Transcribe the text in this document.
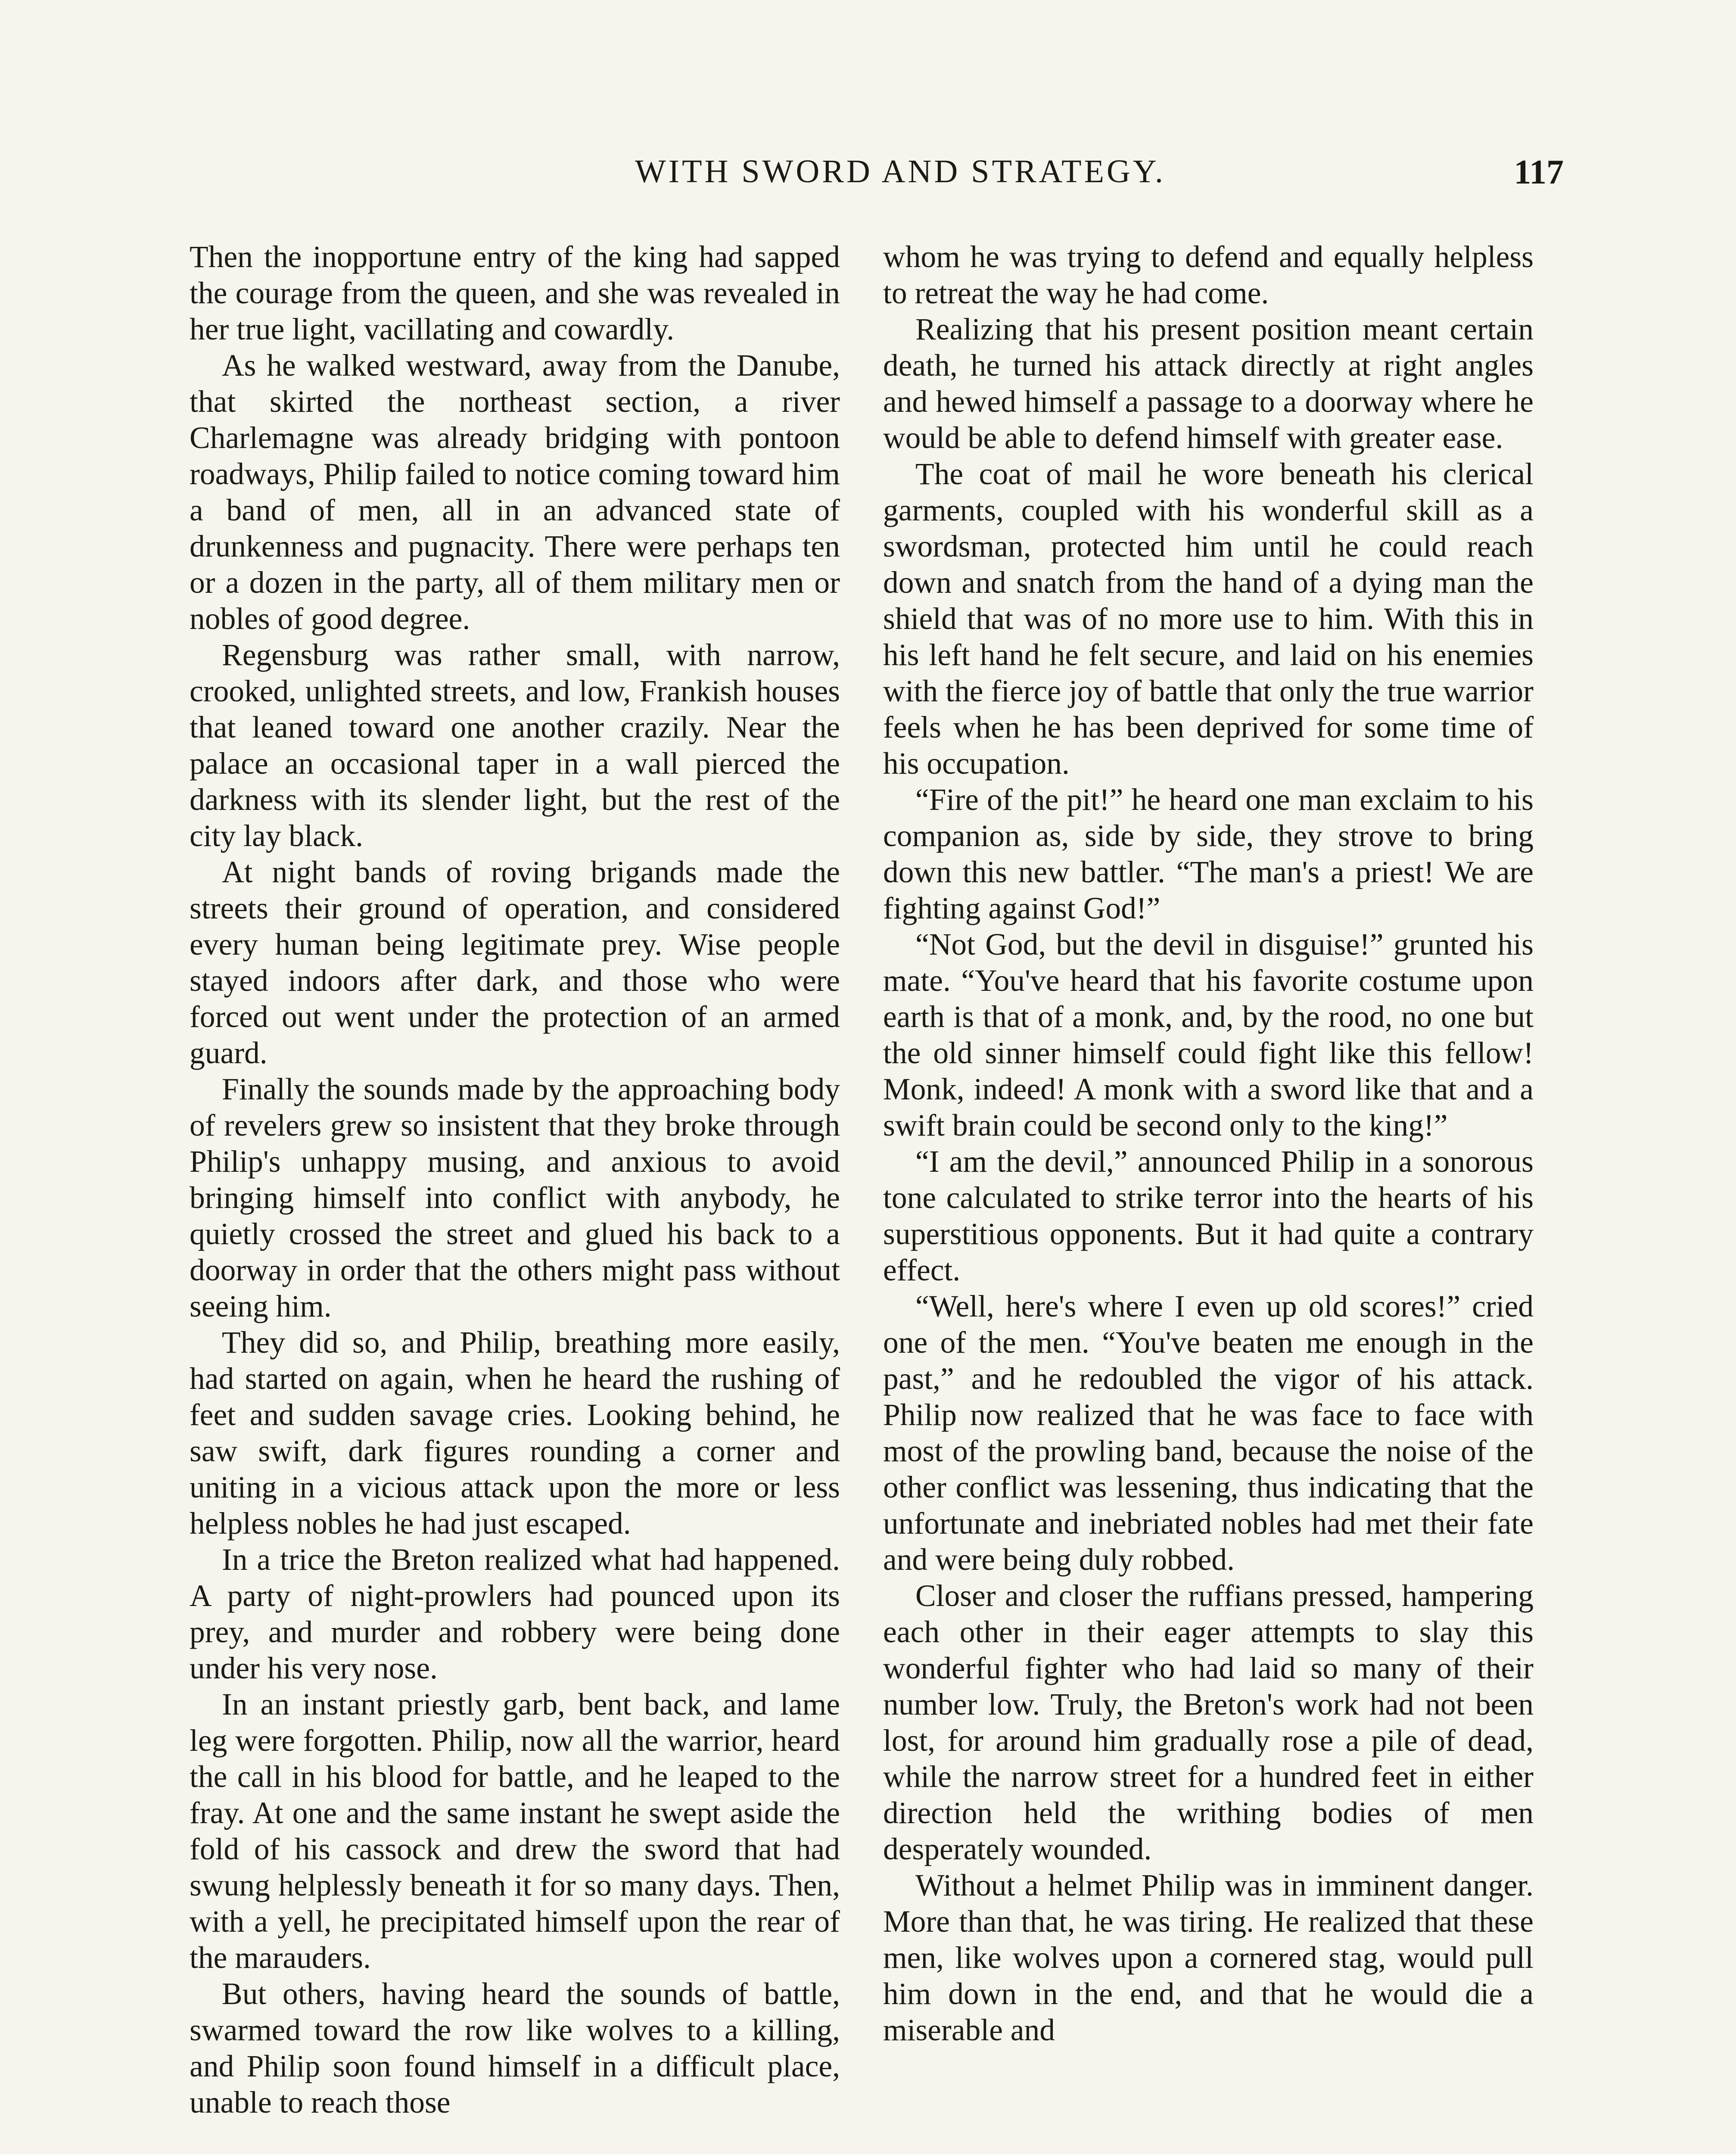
WITH SWORD AND STRATEGY.	117

Then the inopportune entry of the king had sapped the courage from the queen, and she was revealed in her true light, vacillating and cowardly.

As he walked westward, away from the Danube, that skirted the northeast section, a river Charlemagne was already bridging with pontoon roadways, Philip failed to notice coming toward him a band of men, all in an advanced state of drunkenness and pugnacity. There were perhaps ten or a dozen in the party, all of them military men or nobles of good degree.

Regensburg was rather small, with narrow, crooked, unlighted streets, and low, Frankish houses that leaned toward one another crazily. Near the palace an occasional taper in a wall pierced the darkness with its slender light, but the rest of the city lay black.

At night bands of roving brigands made the streets their ground of operation, and considered every human being legitimate prey. Wise people stayed indoors after dark, and those who were forced out went under the protection of an armed guard.

Finally the sounds made by the approaching body of revelers grew so insistent that they broke through Philip's unhappy musing, and anxious to avoid bringing himself into conflict with anybody, he quietly crossed the street and glued his back to a doorway in order that the others might pass without seeing him.

They did so, and Philip, breathing more easily, had started on again, when he heard the rushing of feet and sudden savage cries. Looking behind, he saw swift, dark figures rounding a corner and uniting in a vicious attack upon the more or less helpless nobles he had just escaped.

In a trice the Breton realized what had happened. A party of night-prowlers had pounced upon its prey, and murder and robbery were being done under his very nose.

In an instant priestly garb, bent back, and lame leg were forgotten. Philip, now all the warrior, heard the call in his blood for battle, and he leaped to the fray. At one and the same instant he swept aside the fold of his cassock and drew the sword that had swung helplessly beneath it for so many days. Then, with a yell, he precipitated himself upon the rear of the marauders.

But others, having heard the sounds of battle, swarmed toward the row like wolves to a killing, and Philip soon found himself in a difficult place, unable to reach those

whom he was trying to defend and equally helpless to retreat the way he had come.

Realizing that his present position meant certain death, he turned his attack directly at right angles and hewed himself a passage to a doorway where he would be able to defend himself with greater ease.

The coat of mail he wore beneath his clerical garments, coupled with his wonderful skill as a swordsman, protected him until he could reach down and snatch from the hand of a dying man the shield that was of no more use to him. With this in his left hand he felt secure, and laid on his enemies with the fierce joy of battle that only the true warrior feels when he has been deprived for some time of his occupation.

“Fire of the pit!” he heard one man exclaim to his companion as, side by side, they strove to bring down this new battler. “The man's a priest! We are fighting against God!”

“Not God, but the devil in disguise!” grunted his mate. “You've heard that his favorite costume upon earth is that of a monk, and, by the rood, no one but the old sinner himself could fight like this fellow! Monk, indeed! A monk with a sword like that and a swift brain could be second only to the king!”

“I am the devil,” announced Philip in a sonorous tone calculated to strike terror into the hearts of his superstitious opponents. But it had quite a contrary effect.

“Well, here's where I even up old scores!” cried one of the men. “You've beaten me enough in the past,” and he redoubled the vigor of his attack. Philip now realized that he was face to face with most of the prowling band, because the noise of the other conflict was lessening, thus indicating that the unfortunate and inebriated nobles had met their fate and were being duly robbed.

Closer and closer the ruffians pressed, hampering each other in their eager attempts to slay this wonderful fighter who had laid so many of their number low. Truly, the Breton's work had not been lost, for around him gradually rose a pile of dead, while the narrow street for a hundred feet in either direction held the writhing bodies of men desperately wounded.

Without a helmet Philip was in imminent danger. More than that, he was tiring. He realized that these men, like wolves upon a cornered stag, would pull him down in the end, and that he would die a miserable and
